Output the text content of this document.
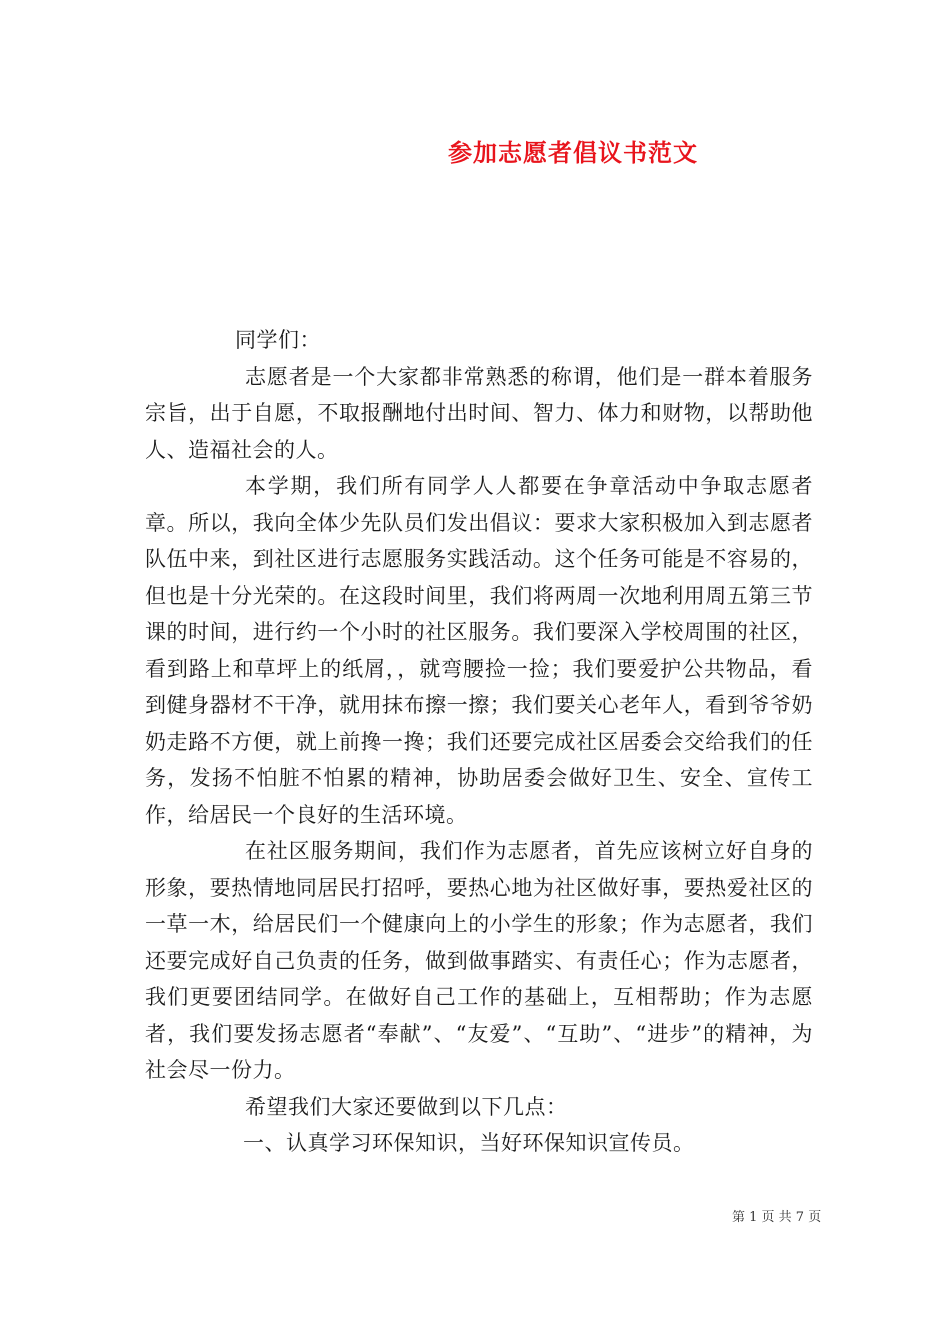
参加志愿者倡议书范文

同学们：

志愿者是一个大家都非常熟悉的称谓，他们是一群本着服务宗旨，出于自愿，不取报酬地付出时间、智力、体力和财物，以帮助他人、造福社会的人。

本学期，我们所有同学人人都要在争章活动中争取志愿者章。所以，我向全体少先队员们发出倡议：要求大家积极加入到志愿者队伍中来，到社区进行志愿服务实践活动。这个任务可能是不容易的，但也是十分光荣的。在这段时间里，我们将两周一次地利用周五第三节课的时间，进行约一个小时的社区服务。我们要深入学校周围的社区，看到路上和草坪上的纸屑，，就弯腰捡一捡；我们要爱护公共物品，看到健身器材不干净，就用抹布擦一擦；我们要关心老年人，看到爷爷奶奶走路不方便，就上前搀一搀；我们还要完成社区居委会交给我们的任务，发扬不怕脏不怕累的精神，协助居委会做好卫生、安全、宣传工作，给居民一个良好的生活环境。

在社区服务期间，我们作为志愿者，首先应该树立好自身的形象，要热情地同居民打招呼，要热心地为社区做好事，要热爱社区的一草一木，给居民们一个健康向上的小学生的形象；作为志愿者，我们还要完成好自己负责的任务，做到做事踏实、有责任心；作为志愿者，我们更要团结同学。在做好自己工作的基础上，互相帮助；作为志愿者，我们要发扬志愿者“奉献”、“友爱”、“互助”、“进步”的精神，为社会尽一份力。

希望我们大家还要做到以下几点：

一、认真学习环保知识，当好环保知识宣传员。

第 1 页 共 7 页
